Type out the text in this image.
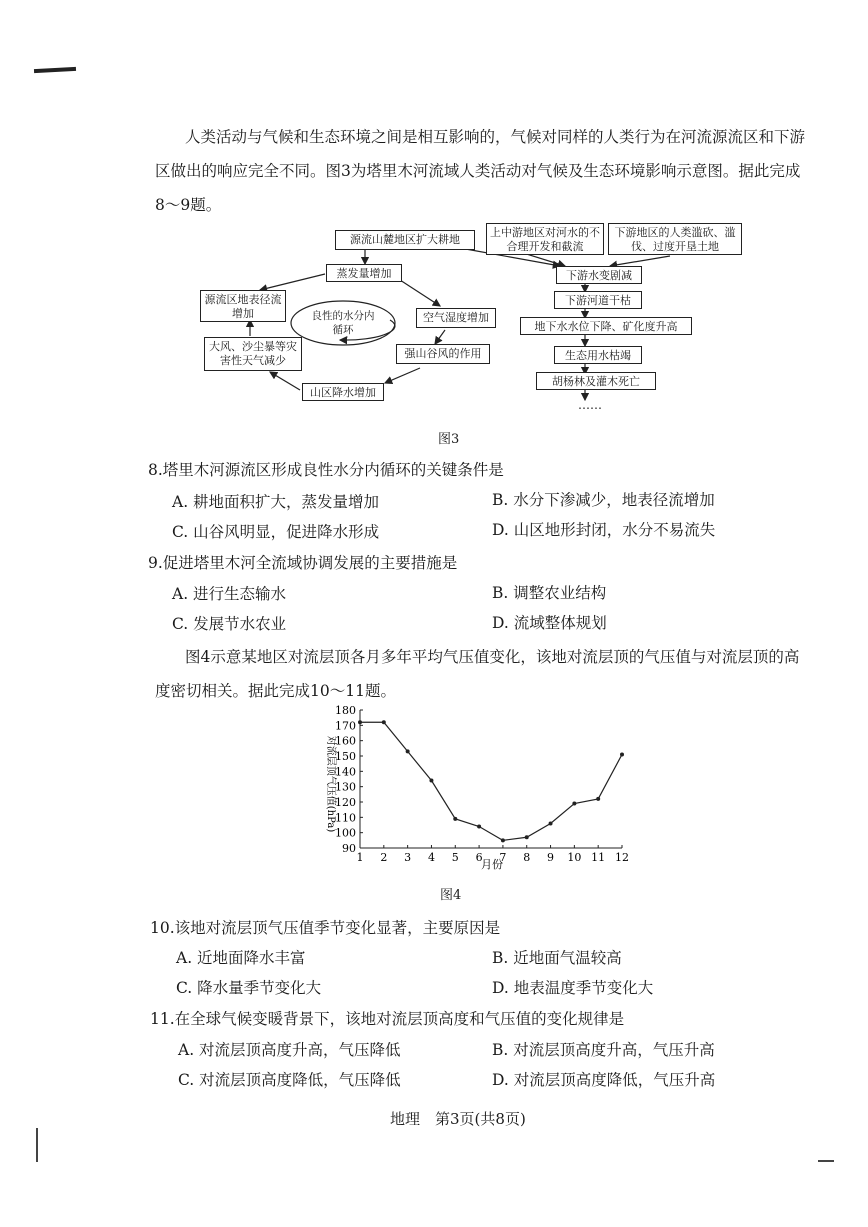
人类活动与气候和生态环境之间是相互影响的，气候对同样的人类行为在河流源流区和下游区做出的响应完全不同。图3为塔里木河流域人类活动对气候及生态环境影响示意图。据此完成8～9题。
源流山麓地区扩大耕地
上中游地区对河水的不合理开发和截流
下游地区的人类滥砍、滥伐、过度开垦土地
蒸发量增加	下游水变剧减
源流区地表径流增加	良性的水分内循环
空气湿度增加
下游河道干枯
地下水水位下降、矿化度升高
大风、沙尘暴等灾害性天气减少
强山谷风的作用	生态用水枯竭
山区降水增加
胡杨林及灌木死亡
……
图3
8.塔里木河源流区形成良性水分内循环的关键条件是
A. 耕地面积扩大，蒸发量增加	B. 水分下渗减少，地表径流增加
C. 山谷风明显，促进降水形成	D. 山区地形封闭，水分不易流失
9.促进塔里木河全流域协调发展的主要措施是
A. 进行生态输水	B. 调整农业结构
C. 发展节水农业	D. 流域整体规划
图4示意某地区对流层顶各月多年平均气压值变化，该地对流层顶的气压值与对流层顶的高度密切相关。据此完成10～11题。
90
100
110
120
130
140
150
160
170
180
1 2 3 4 5 6 7 8 9 10 11 12
对流层顶气压值(hPa)
月份
图4
10.该地对流层顶气压值季节变化显著，主要原因是
A. 近地面降水丰富	B. 近地面气温较高
C. 降水量季节变化大	D. 地表温度季节变化大
11.在全球气候变暖背景下，该地对流层顶高度和气压值的变化规律是
A. 对流层顶高度升高，气压降低	B. 对流层顶高度升高，气压升高
C. 对流层顶高度降低，气压降低	D. 对流层顶高度降低，气压升高
地理　第3页(共8页)
